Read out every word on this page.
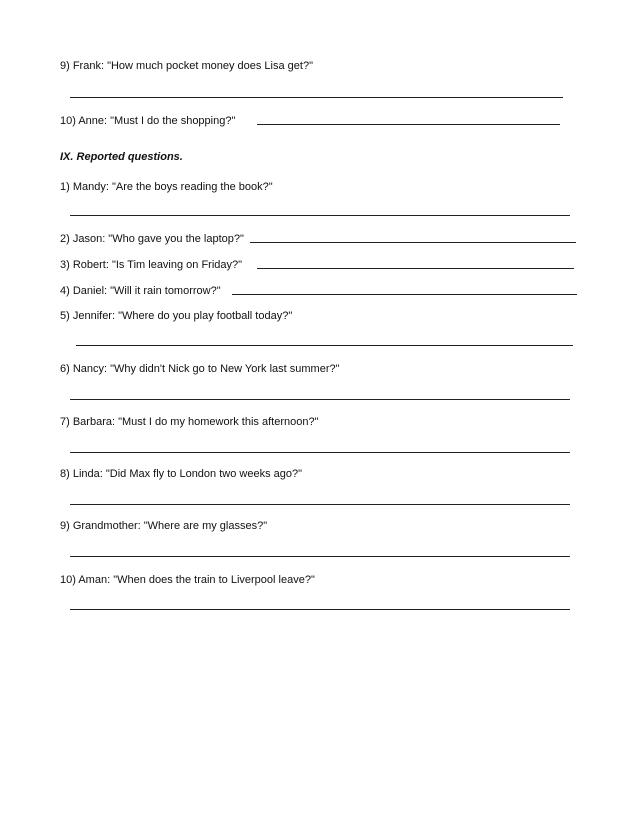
9) Frank: "How much pocket money does Lisa get?"
10) Anne: "Must I do the shopping?"
IX. Reported questions.
1) Mandy: "Are the boys reading the book?"
2) Jason: "Who gave you the laptop?"
3) Robert: "Is Tim leaving on Friday?"
4) Daniel: "Will it rain tomorrow?"
5) Jennifer: "Where do you play football today?"
6) Nancy: "Why didn't Nick go to New York last summer?"
7) Barbara: "Must I do my homework this afternoon?"
8) Linda: "Did Max fly to London two weeks ago?"
9) Grandmother: "Where are my glasses?"
10) Aman: "When does the train to Liverpool leave?"
